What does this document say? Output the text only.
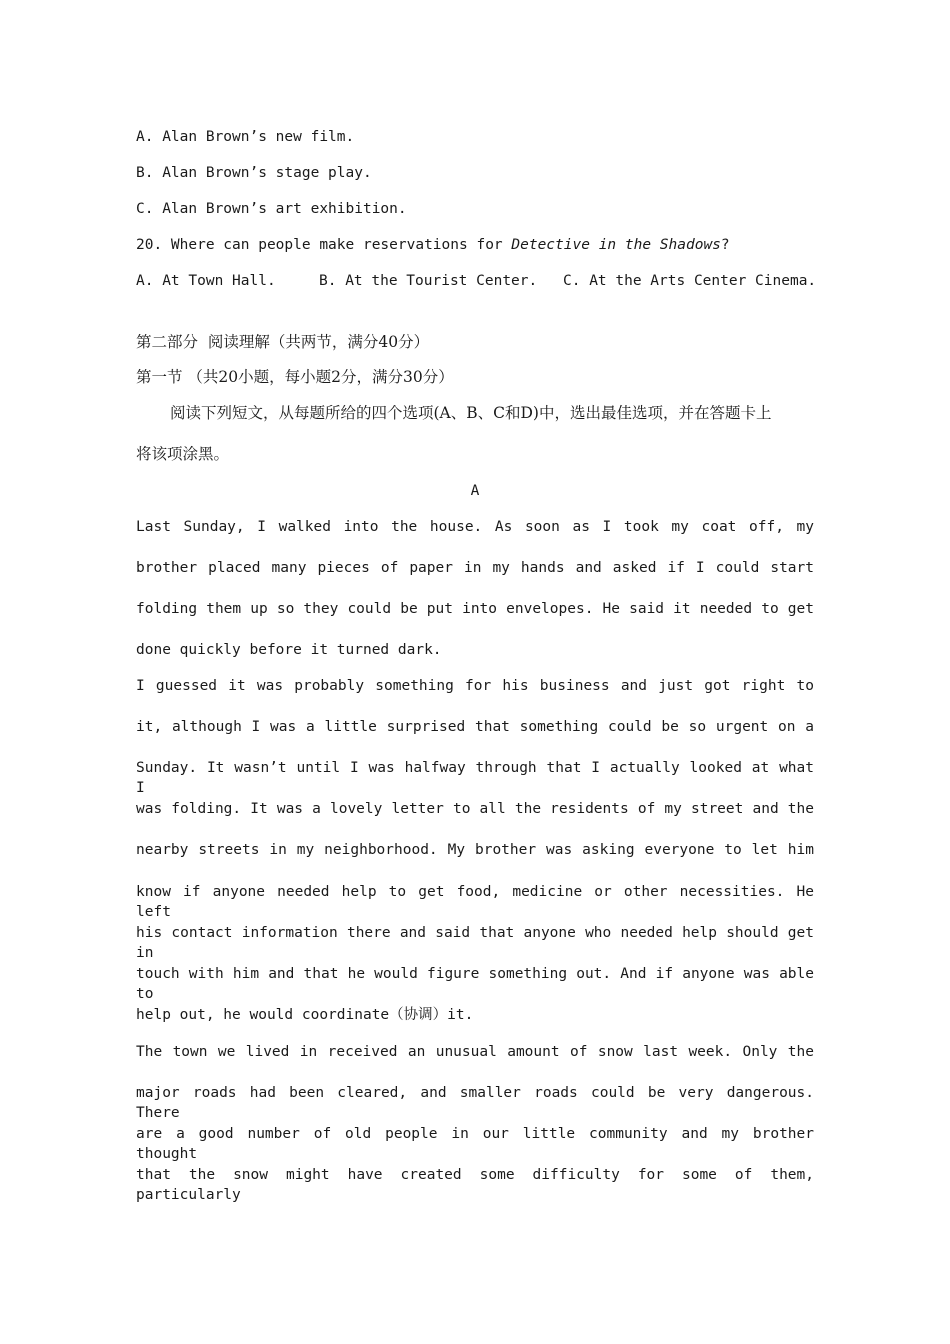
A. Alan Brown’s new film.

B. Alan Brown’s stage play.

C. Alan Brown’s art exhibition.

20. Where can people make reservations for Detective in the Shadows?

A. At Town Hall.	B. At the Tourist Center. C. At the Arts Center Cinema.

第二部分  阅读理解（共两节，满分40分）

第一节 （共20小题，每小题2分，满分30分）

阅读下列短文，从每题所给的四个选项(A、B、C和D)中，选出最佳选项，并在答题卡上

将该项涂黑。

A

Last Sunday, I walked into the house. As soon as I took my coat off, my

brother placed many pieces of paper in my hands and asked if I could start

folding them up so they could be put into envelopes. He said it needed to get

done quickly before it turned dark.

I guessed it was probably something for his business and just got right to

it, although I was a little surprised that something could be so urgent on a

Sunday. It wasn’t until I was halfway through that I actually looked at what I

was folding. It was a lovely letter to all the residents of my street and the

nearby streets in my neighborhood. My brother was asking everyone to let him

know if anyone needed help to get food, medicine or other necessities. He left

his contact information there and said that anyone who needed help should get in

touch with him and that he would figure something out. And if anyone was able to

help out, he would coordinate（协调）it.

The town we lived in received an unusual amount of snow last week. Only the

major roads had been cleared, and smaller roads could be very dangerous. There

are a good number of old people in our little community and my brother thought

that the snow might have created some difficulty for some of them, particularly
